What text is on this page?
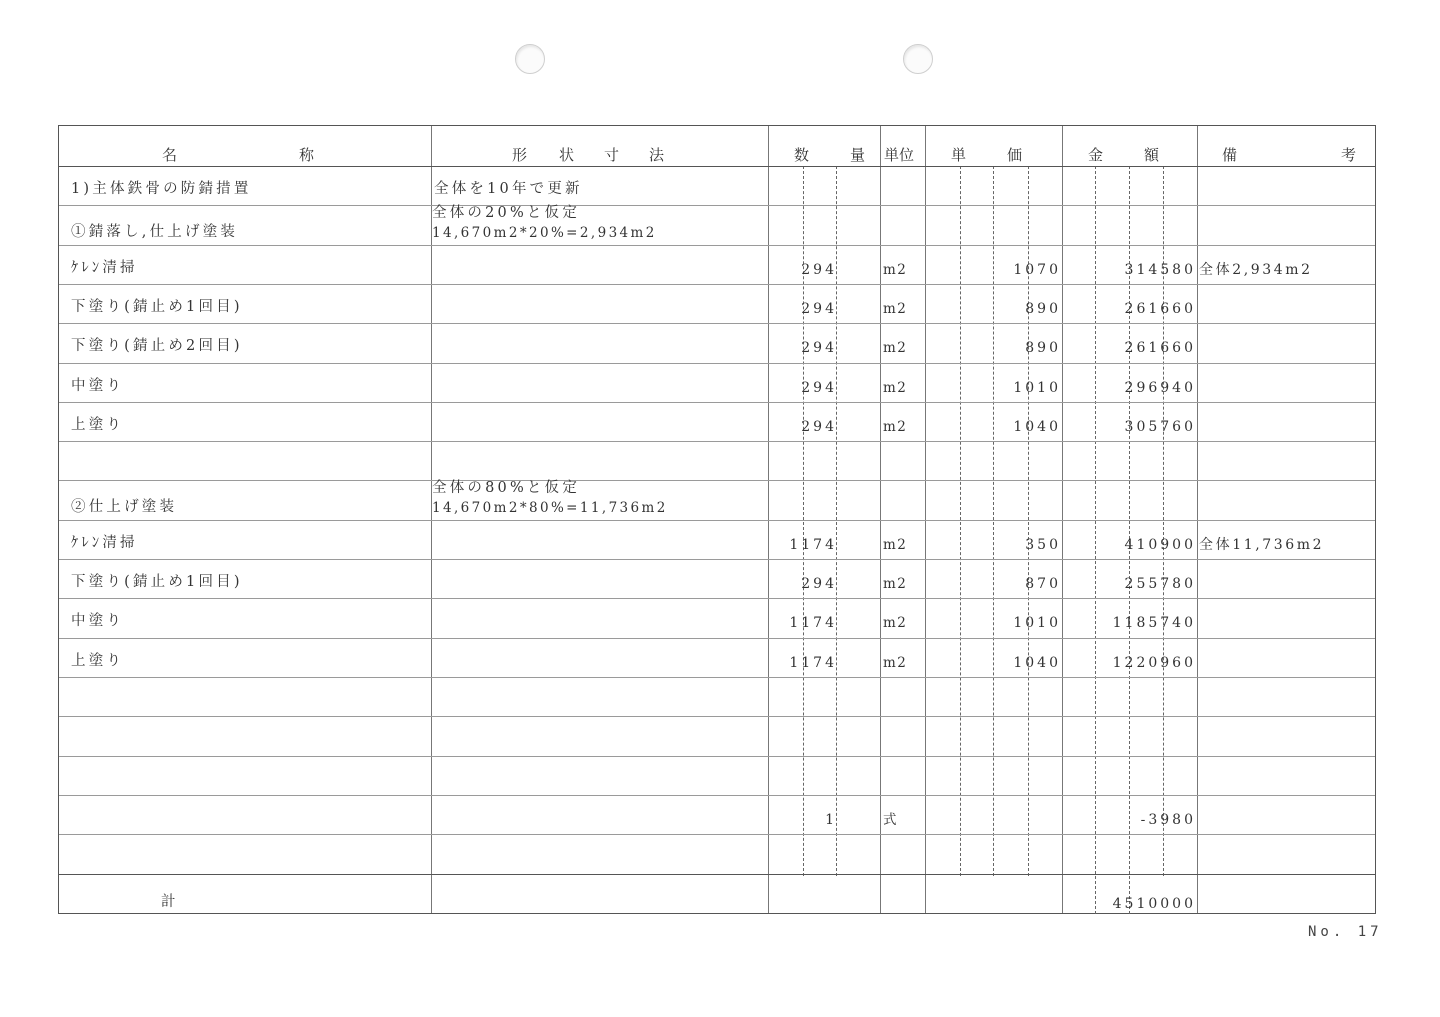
名	称	形 状 寸 法	数	量 単位 単	価	金	額	備	考
1)主体鉄骨の防錆措置	全体を10年で更新
①錆落し,仕上げ塗装
全体の20%と仮定
14,670m2*20%=2,934m2
ｹﾚﾝ清掃	294	m2	1070	314580 全体2,934m2
下塗り(錆止め1回目)	294	m2	890	261660
下塗り(錆止め2回目)	294	m2	890	261660
中塗り	294	m2	1010	296940
上塗り	294	m2	1040	305760
②仕上げ塗装
全体の80%と仮定
14,670m2*80%=11,736m2
ｹﾚﾝ清掃	1174	m2	350	410900 全体11,736m2
下塗り(錆止め1回目)	294	m2	870	255780
中塗り	1174	m2	1010	1185740
上塗り	1174	m2	1040	1220960
1	式	-3980
計	4510000
No. 17
